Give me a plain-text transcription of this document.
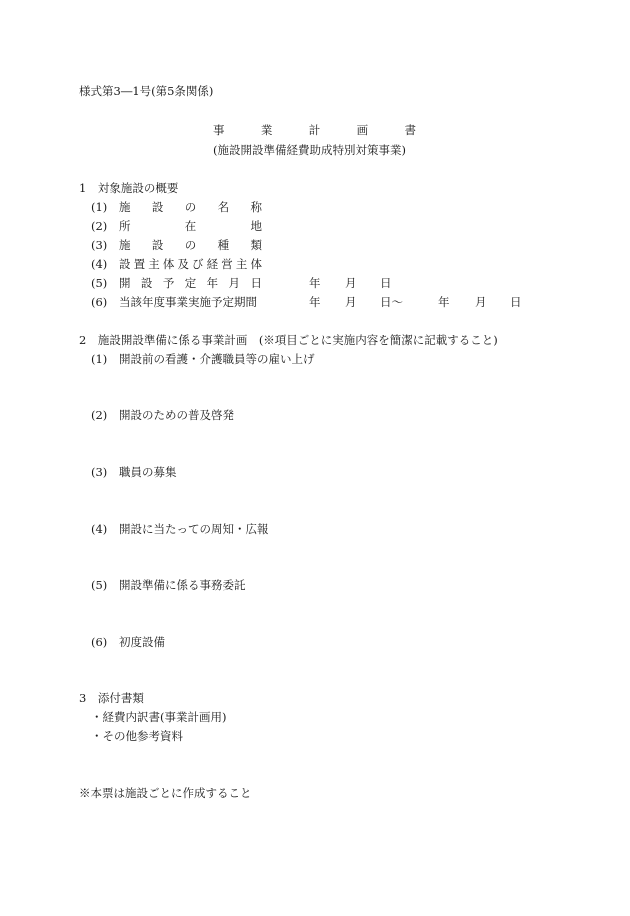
様式第3―1号(第5条関係)
事	業	計	画	書
(施設開設準備経費助成特別対策事業)
1　対象施設の概要
(1) 施 設 の 名 称
(2) 所	在	地
(3) 施 設 の 種 類
(4) 設 置 主 体 及 び 経 営 主 体
(5) 開 設 予 定 年 月 日	年 月 日
(6) 当該年度事業実施予定期間	年 月 日〜	年 月 日
2　施設開設準備に係る事業計画　(※項目ごとに実施内容を簡潔に記載すること)
(1) 開設前の看護・介護職員等の雇い上げ
(2) 開設のための普及啓発
(3) 職員の募集
(4) 開設に当たっての周知・広報
(5) 開設準備に係る事務委託
(6) 初度設備
3　添付書類
・経費内訳書(事業計画用)
・その他参考資料
※本票は施設ごとに作成すること
